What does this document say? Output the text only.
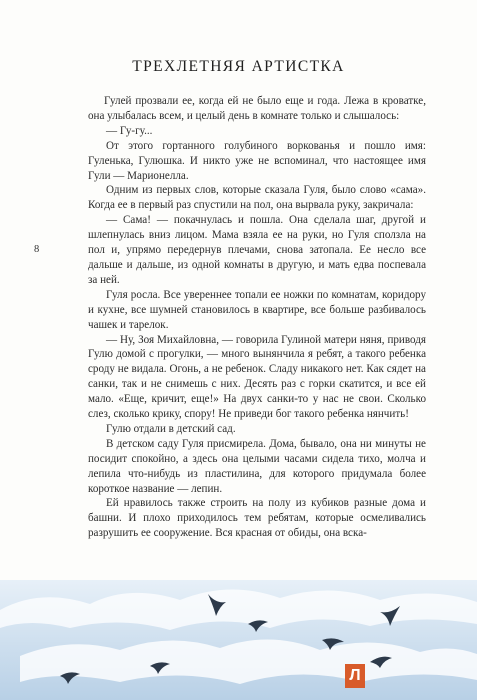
ТРЕХЛЕТНЯЯ АРТИСТКА
8

Гулей прозвали ее, когда ей не было еще и года. Лежа в кроватке, она улыбалась всем, и целый день в комнате только и слышалось:

— Гу-гу...

От этого гортанного голубиного воркованья и пошло имя: Гуленька, Гулюшка. И никто уже не вспоминал, что настоящее имя Гули — Марионелла.

Одним из первых слов, которые сказала Гуля, было слово «сама». Когда ее в первый раз спустили на пол, она вырвала руку, закричала:

— Сама! — покачнулась и пошла. Она сделала шаг, другой и шлепнулась вниз лицом. Мама взяла ее на руки, но Гуля сползла на пол и, упрямо передернув плечами, снова затопала. Ее несло все дальше и дальше, из одной комнаты в другую, и мать едва поспевала за ней.

Гуля росла. Все увереннее топали ее ножки по комнатам, коридору и кухне, все шумней становилось в квартире, все больше разбивалось чашек и тарелок.

— Ну, Зоя Михайловна, — говорила Гулиной матери няня, приводя Гулю домой с прогулки, — много вынянчила я ребят, а такого ребенка сроду не видала. Огонь, а не ребенок. Сладу никакого нет. Как сядет на санки, так и не снимешь с них. Десять раз с горки скатится, и все ей мало. «Еще, кричит, еще!» На двух санки-то у нас не свои. Сколько слез, сколько крику, спору! Не приведи бог такого ребенка нянчить!

Гулю отдали в детский сад.

В детском саду Гуля присмирела. Дома, бывало, она ни минуты не посидит спокойно, а здесь она целыми часами сидела тихо, молча и лепила что-нибудь из пластилина, для которого придумала более короткое название — лепин.

Ей нравилось также строить на полу из кубиков разные дома и башни. И плохо приходилось тем ребятам, которые осмеливались разрушить ее сооружение. Вся красная от обиды, она вска-

Л
